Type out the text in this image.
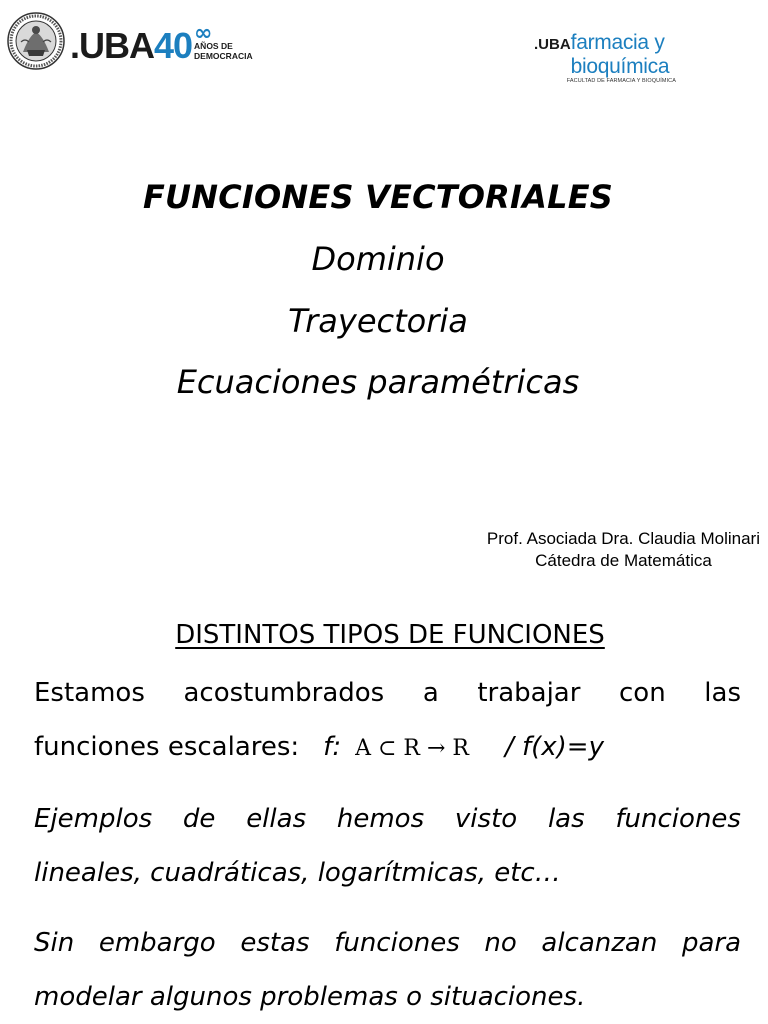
.UBA 40 ∞
AÑOS DE
DEMOCRACIA
.UBA farmacia y bioquímica
FACULTAD DE FARMACIA Y BIOQUÍMICA
FUNCIONES VECTORIALES
Dominio
Trayectoria
Ecuaciones paramétricas
Prof. Asociada Dra. Claudia Molinari
Cátedra de Matemática
DISTINTOS TIPOS DE FUNCIONES
Estamos acostumbrados a trabajar con las
funciones escalares: f: A ⊂ R → R / f(x)=y
Ejemplos de ellas hemos visto las funciones
lineales, cuadráticas, logarítmicas, etc…
Sin embargo estas funciones no alcanzan para
modelar algunos problemas o situaciones.
